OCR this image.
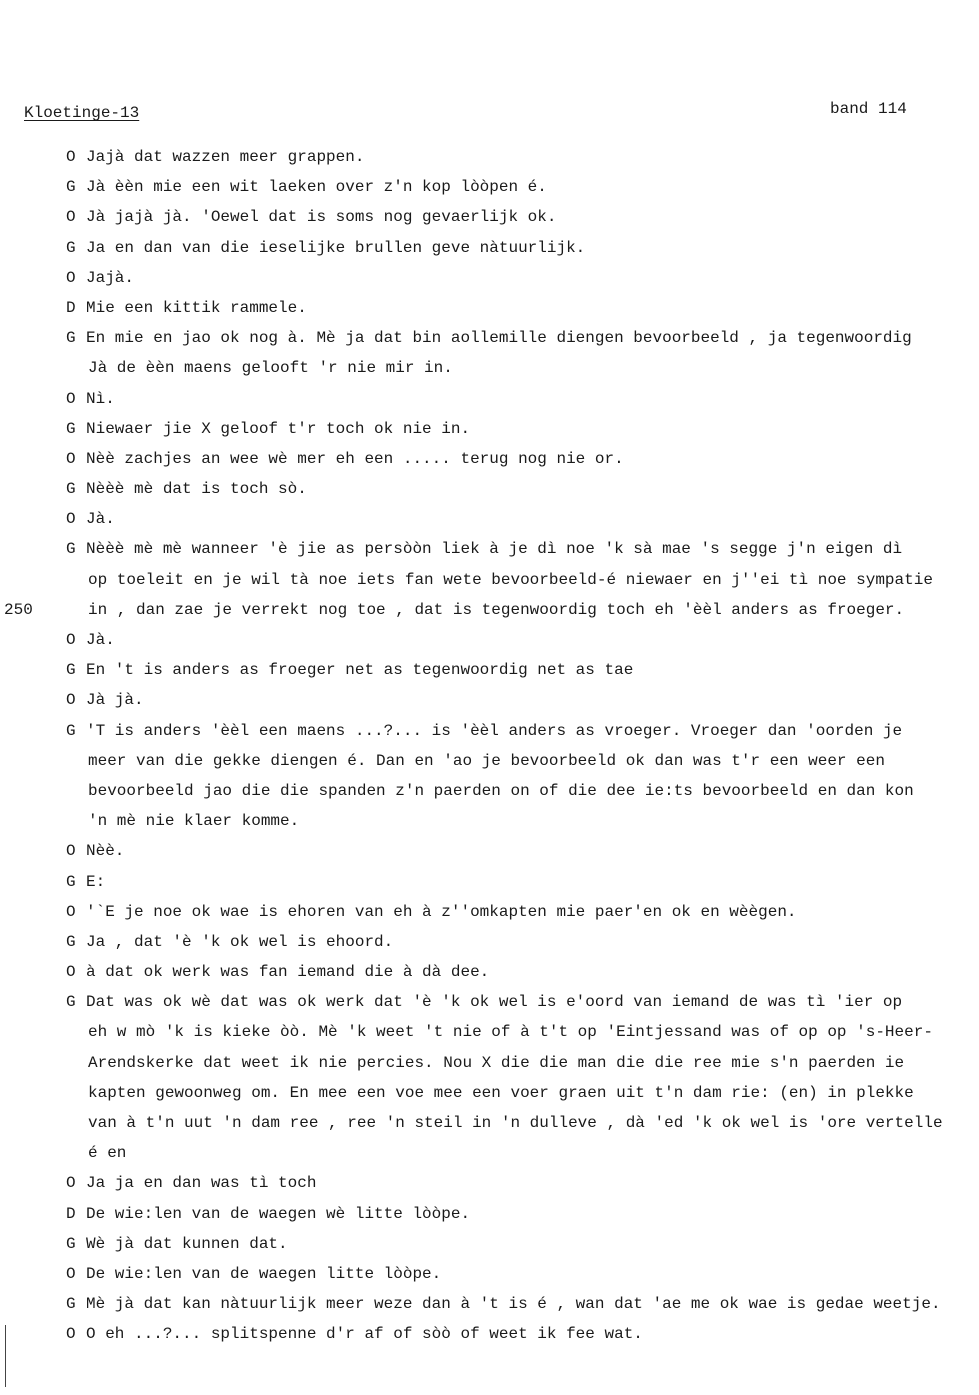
Kloetinge-13	band 114
O Jajà dat wazzen meer grappen.
G Jà èèn mie een wit laeken over z'n kop lòòpen é.
O Jà jajà jà. 'Oewel dat is soms nog gevaerlijk ok.
G Ja en dan van die ieselijke brullen geve nàtuurlijk.
O Jajà.
D Mie een kittik rammele.
G En mie en jao ok nog à. Mè ja dat bin aollemille diengen bevoorbeeld , ja tegenwoordig
Jà de èèn maens gelooft 'r nie mir in.
O Nì.
G Niewaer jie X geloof t'r toch ok nie in.
O Nèè zachjes an wee wè mer eh een ..... terug nog nie or.
G Nèèè mè dat is toch sò.
O Jà.
G Nèèè mè mè wanneer 'è jie as persòòn liek à je dì noe 'k sà mae 's segge j'n eigen dì
op toeleit en je wil tà noe iets fan wete bevoorbeeld-é niewaer en j''ei tì noe sympatie
250	in , dan zae je verrekt nog toe , dat is tegenwoordig toch eh 'èèl anders as froeger.
O Jà.
G En 't is anders as froeger net as tegenwoordig net as tae
O Jà jà.
G 'T is anders 'èèl een maens ...?... is 'èèl anders as vroeger. Vroeger dan 'oorden je
meer van die gekke diengen é. Dan en 'ao je bevoorbeeld ok dan was t'r een weer een
bevoorbeeld jao die die spanden z'n paerden on of die dee ie:ts bevoorbeeld en dan kon
'n mè nie klaer komme.
O Nèè.
G E:
O '`E je noe ok wae is ehoren van eh à z''omkapten mie paer'en ok en wèègen.
G Ja , dat 'è 'k ok wel is ehoord.
O à dat ok werk was fan iemand die à dà dee.
G Dat was ok wè dat was ok werk dat 'è 'k ok wel is e'oord van iemand de was tì 'ier op
eh w mò 'k is kieke òò. Mè 'k weet 't nie of à t't op 'Eintjessand was of op op 's-Heer-
Arendskerke dat weet ik nie percies. Nou X die die man die die ree mie s'n paerden ie
kapten gewoonweg om. En mee een voe mee een voer graen uit t'n dam rie: (en) in plekke
van à t'n uut 'n dam ree , ree 'n steil in 'n dulleve , dà 'ed 'k ok wel is 'ore vertelle
é en
O Ja ja en dan was tì toch
D De wie:len van de waegen wè litte lòòpe.
G Wè jà dat kunnen dat.
O De wie:len van de waegen litte lòòpe.
G Mè jà dat kan nàtuurlijk meer weze dan à 't is é , wan dat 'ae me ok wae is gedae weetje.
O O eh ...?... splitspenne d'r af of sòò of weet ik fee wat.
